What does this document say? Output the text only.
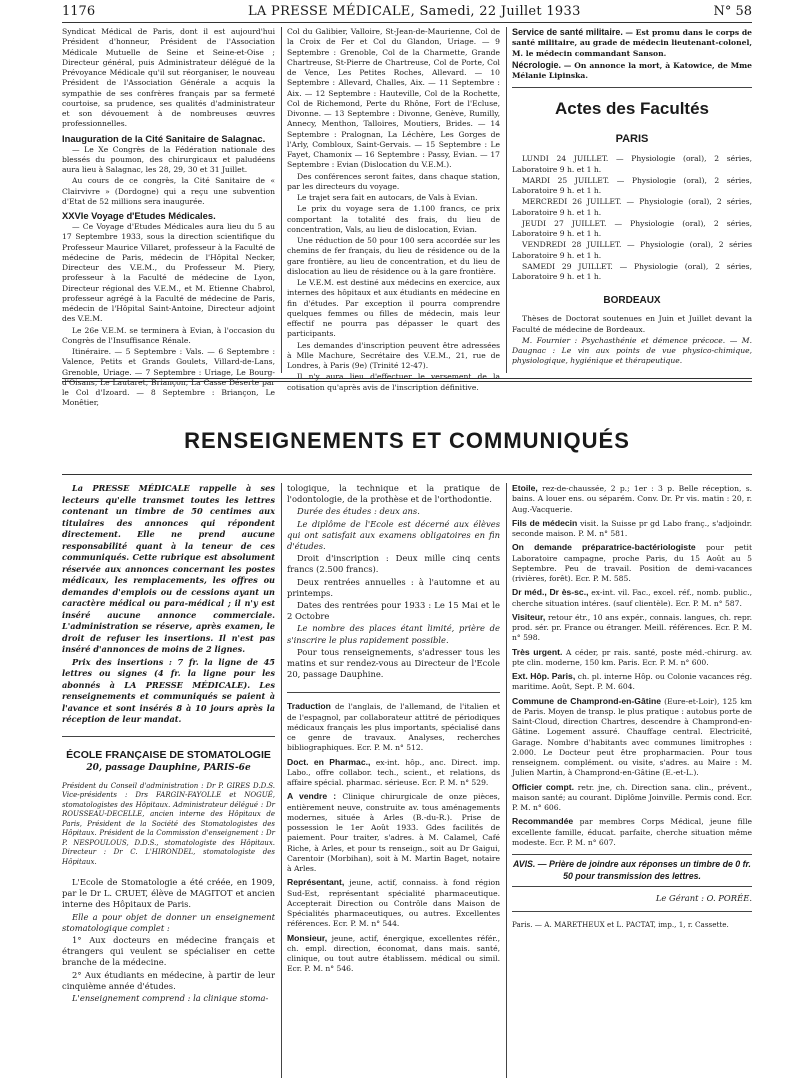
1176	LA PRESSE MÉDICALE, Samedi, 22 Juillet 1933	N° 58

Syndicat Médical de Paris, dont il est aujourd'hui Président d'honneur, Président de l'Association Médicale Mutuelle de Seine et Seine-et-Oise ; Directeur général, puis Administrateur délégué de la Prévoyance Médicale qu'il sut réorganiser, le nouveau Président de l'Association Générale a acquis la sympathie de ses confrères français par sa fermeté courtoise, sa prudence, ses qualités d'administrateur et son dévouement à de nombreuses œuvres professionnelles.

Inauguration de la Cité Sanitaire de Salagnac.

— Le Xe Congrès de la Fédération nationale des blessés du poumon, des chirurgicaux et paludéens aura lieu à Salagnac, les 28, 29, 30 et 31 Juillet.

Au cours de ce congrès, la Cité Sanitaire de « Clairvivre » (Dordogne) qui a reçu une subvention d'Etat de 52 millions sera inaugurée.

XXVIe Voyage d'Etudes Médicales.

— Ce Voyage d'Etudes Médicales aura lieu du 5 au 17 Septembre 1933, sous la direction scientifique du Professeur Maurice Villaret, professeur à la Faculté de médecine de Paris, médecin de l'Hôpital Necker, Directeur des V.E.M., du Professeur M. Piery, professeur à la Faculté de médecine de Lyon, Directeur régional des V.E.M., et M. Etienne Chabrol, professeur agrégé à la Faculté de médecine de Paris, médecin de l'Hôpital Saint-Antoine, Directeur adjoint des V.E.M.

Le 26e V.E.M. se terminera à Evian, à l'occasion du Congrès de l'Insuffisance Rénale.

Itinéraire. — 5 Septembre : Vals. — 6 Septembre : Valence, Petits et Grands Goulets, Villard-de-Lans, Grenoble, Uriage. — 7 Septembre : Uriage, Le Bourg-d'Oisans, Le Lautaret, Briançon, La Casse Déserte par le Col d'Izoard. — 8 Septembre : Briançon, Le Monêtier,

Col du Galibier, Valloire, St-Jean-de-Maurienne, Col de la Croix de Fer et Col du Glandon, Uriage. — 9 Septembre : Grenoble, Col de la Charmette, Grande Chartreuse, St-Pierre de Chartreuse, Col de Porte, Col de Vence, Les Petites Roches, Allevard. — 10 Septembre : Allevard, Challes, Aix. — 11 Septembre : Aix. — 12 Septembre : Hauteville, Col de la Rochette, Col de Richemond, Perte du Rhône, Fort de l'Ecluse, Divonne. — 13 Septembre : Divonne, Genève, Rumilly, Annecy, Menthon, Talloires, Moutiers, Brides. — 14 Septembre : Pralognan, La Léchère, Les Gorges de l'Arly, Combloux, Saint-Gervais. — 15 Septembre : Le Fayet, Chamonix — 16 Septembre : Passy, Evian. — 17 Septembre : Evian (Dislocation du V.E.M.).

Des conférences seront faites, dans chaque station, par les directeurs du voyage.

Le trajet sera fait en autocars, de Vals à Evian.

Le prix du voyage sera de 1.100 francs, ce prix comportant la totalité des frais, du lieu de concentration, Vals, au lieu de dislocation, Evian.

Une réduction de 50 pour 100 sera accordée sur les chemins de fer français, du lieu de résidence ou de la gare frontière, au lieu de concentration, et du lieu de dislocation au lieu de résidence ou à la gare frontière.

Le V.E.M. est destiné aux médecins en exercice, aux internes des hôpitaux et aux étudiants en médecine en fin d'études. Par exception il pourra comprendre quelques femmes ou filles de médecin, mais leur effectif ne pourra pas dépasser le quart des participants.

Les demandes d'inscription peuvent être adressées à Mlle Machure, Secrétaire des V.E.M., 21, rue de Londres, à Paris (9e) (Trinité 12-47).

Il n'y aura lieu d'effectuer le versement de la cotisation qu'après avis de l'inscription définitive.

Service de santé militaire. — Est promu dans le corps de santé militaire, au grade de médecin lieutenant-colonel, M. le médecin commandant Sanson.

Nécrologie. — On annonce la mort, à Katowice, de Mme Mélanie Lipinska.

Actes des Facultés
PARIS

LUNDI 24 JUILLET. — Physiologie (oral), 2 séries, Laboratoire 9 h. et 1 h.

MARDI 25 JUILLET. — Physiologie (oral), 2 séries, Laboratoire 9 h. et 1 h.

MERCREDI 26 JUILLET. — Physiologie (oral), 2 séries, Laboratoire 9 h. et 1 h.

JEUDI 27 JUILLET. — Physiologie (oral), 2 séries, Laboratoire 9 h. et 1 h.

VENDREDI 28 JUILLET. — Physiologie (oral), 2 séries Laboratoire 9 h. et 1 h.

SAMEDI 29 JUILLET. — Physiologie (oral), 2 séries, Laboratoire 9 h. et 1 h.

BORDEAUX

Thèses de Doctorat soutenues en Juin et Juillet devant la Faculté de médecine de Bordeaux.

M. Fournier : Psychasthénie et démence précoce. — M. Daugnac : Le vin aux points de vue physico-chimique, physiologique, hygiénique et thérapeutique.

RENSEIGNEMENTS ET COMMUNIQUÉS

La PRESSE MÉDICALE rappelle à ses lecteurs qu'elle transmet toutes les lettres contenant un timbre de 50 centimes aux titulaires des annonces qui répondent directement. Elle ne prend aucune responsabilité quant à la teneur de ces communiqués. Cette rubrique est absolument réservée aux annonces concernant les postes médicaux, les remplacements, les offres ou demandes d'emplois ou de cessions ayant un caractère médical ou para-médical ; il n'y est inséré aucune annonce commerciale. L'administration se réserve, après examen, le droit de refuser les insertions. Il n'est pas inséré d'annonces de moins de 2 lignes.

Prix des insertions : 7 fr. la ligne de 45 lettres ou signes (4 fr. la ligne pour les abonnés à LA PRESSE MÉDICALE). Les renseignements et communiqués se paient à l'avance et sont insérés 8 à 10 jours après la réception de leur mandat.

ÉCOLE FRANÇAISE DE STOMATOLOGIE
20, passage Dauphine, PARIS-6e

Président du Conseil d'administration : Dr P. GIRES D.D.S. Vice-présidents : Drs FARGIN-FAYOLLE et NOGUÉ, stomatologistes des Hôpitaux. Administrateur délégué : Dr ROUSSEAU-DECELLE, ancien interne des Hôpitaux de Paris, Président de la Société des Stomatologistes des Hôpitaux. Président de la Commission d'enseignement : Dr P. NESPOULOUS, D.D.S., stomatologiste des Hôpitaux. Directeur : Dr C. L'HIRONDEL, stomatologiste des Hôpitaux.

L'Ecole de Stomatologie a été créée, en 1909, par le Dr L. CRUET, élève de MAGITOT et ancien interne des Hôpitaux de Paris.

Elle a pour objet de donner un enseignement stomatologique complet :

1° Aux docteurs en médecine français et étrangers qui veulent se spécialiser en cette branche de la médecine.

2° Aux étudiants en médecine, à partir de leur cinquième année d'études.

L'enseignement comprend : la clinique stoma-

tologique, la technique et la pratique de l'odontologie, de la prothèse et de l'orthodontie.

Durée des études : deux ans.

Le diplôme de l'Ecole est décerné aux élèves qui ont satisfait aux examens obligatoires en fin d'études.

Droit d'inscription : Deux mille cinq cents francs (2.500 francs).

Deux rentrées annuelles : à l'automne et au printemps.

Dates des rentrées pour 1933 : Le 15 Mai et le 2 Octobre

Le nombre des places étant limité, prière de s'inscrire le plus rapidement possible.

Pour tous renseignements, s'adresser tous les matins et sur rendez-vous au Directeur de l'Ecole 20, passage Dauphine.

Traduction de l'anglais, de l'allemand, de l'italien et de l'espagnol, par collaborateur attitré de périodiques médicaux français les plus importants, spécialisé dans ce genre de travaux. Analyses, recherches bibliographiques. Ecr. P. M. n° 512.

Doct. en Pharmac., ex-int. hôp., anc. Direct. imp. Labo., offre collabor. tech., scient., et relations, ds affaire spécial. pharmac. sérieuse. Ecr. P. M. n° 529.

A vendre : Clinique chirurgicale de onze pièces, entièrement neuve, construite av. tous aménagements modernes, située à Arles (B.-du-R.). Prise de possession le 1er Août 1933. Gdes facilités de paiement. Pour traiter, s'adres. à M. Calamel, Café Riche, à Arles, et pour ts renseign., soit au Dr Gaigui, Carentoir (Morbihan), soit à M. Martin Baget, notaire à Arles.

Représentant, jeune, actif, connaiss. à fond région Sud-Est, représentant spécialité pharmaceutique. Accepterait Direction ou Contrôle dans Maison de Spécialités pharmaceutiques, ou autres. Excellentes références. Ecr. P. M. n° 544.

Monsieur, jeune, actif, énergique, excellentes référ., ch. empl. direction, économat, dans mais. santé, clinique, ou tout autre établissem. médical ou simil. Ecr. P. M. n° 546.

Etoile, rez-de-chaussée, 2 p.; 1er : 3 p. Belle réception, s. bains. A louer ens. ou séparém. Conv. Dr. Pr vis. matin : 20, r. Aug.-Vacquerie.

Fils de médecin visit. la Suisse pr gd Labo franç., s'adjoindr. seconde maison. P. M. n° 581.

On demande préparatrice-bactériologiste pour petit Laboratoire campagne, proche Paris, du 15 Août au 5 Septembre. Peu de travail. Position de demi-vacances (rivières, forêt). Ecr. P. M. 585.

Dr méd., Dr ès-sc., ex-int. vil. Fac., excel. réf., nomb. public., cherche situation intéres. (sauf clientèle). Ecr. P. M. n° 587.

Visiteur, retour étr., 10 ans expér., connais. langues, ch. repr. prod. sér. pr. France ou étranger. Meill. références. Ecr. P. M. n° 598.

Très urgent. A céder, pr rais. santé, poste méd.-chirurg. av. pte clin. moderne, 150 km. Paris. Ecr. P. M. n° 600.

Ext. Hôp. Paris, ch. pl. interne Hôp. ou Colonie vacances rég. maritime. Août, Sept. P. M. 604.

Commune de Champrond-en-Gâtine (Eure-et-Loir), 125 km de Paris. Moyen de transp. le plus pratique : autobus porte de Saint-Cloud, direction Chartres, descendre à Champrond-en-Gâtine. Logement assuré. Chauffage central. Electricité, Garage. Nombre d'habitants avec communes limitrophes : 2.000. Le Docteur peut être propharmacien. Pour tous renseignem. complément. ou visite, s'adres. au Maire : M. Julien Martin, à Champrond-en-Gâtine (E.-et-L.).

Officier compt. retr. jne, ch. Direction sana. clin., prévent., maison santé; au courant. Diplôme Joinville. Permis cond. Ecr. P. M. n° 606.

Recommandée par membres Corps Médical, jeune fille excellente famille, éducat. parfaite, cherche situation même modeste. Ecr. P. M. n° 607.

AVIS. — Prière de joindre aux réponses un timbre de 0 fr. 50 pour transmission des lettres.

Le Gérant : O. PORÉE.

Paris. — A. MARETHEUX et L. PACTAT, imp., 1, r. Cassette.
